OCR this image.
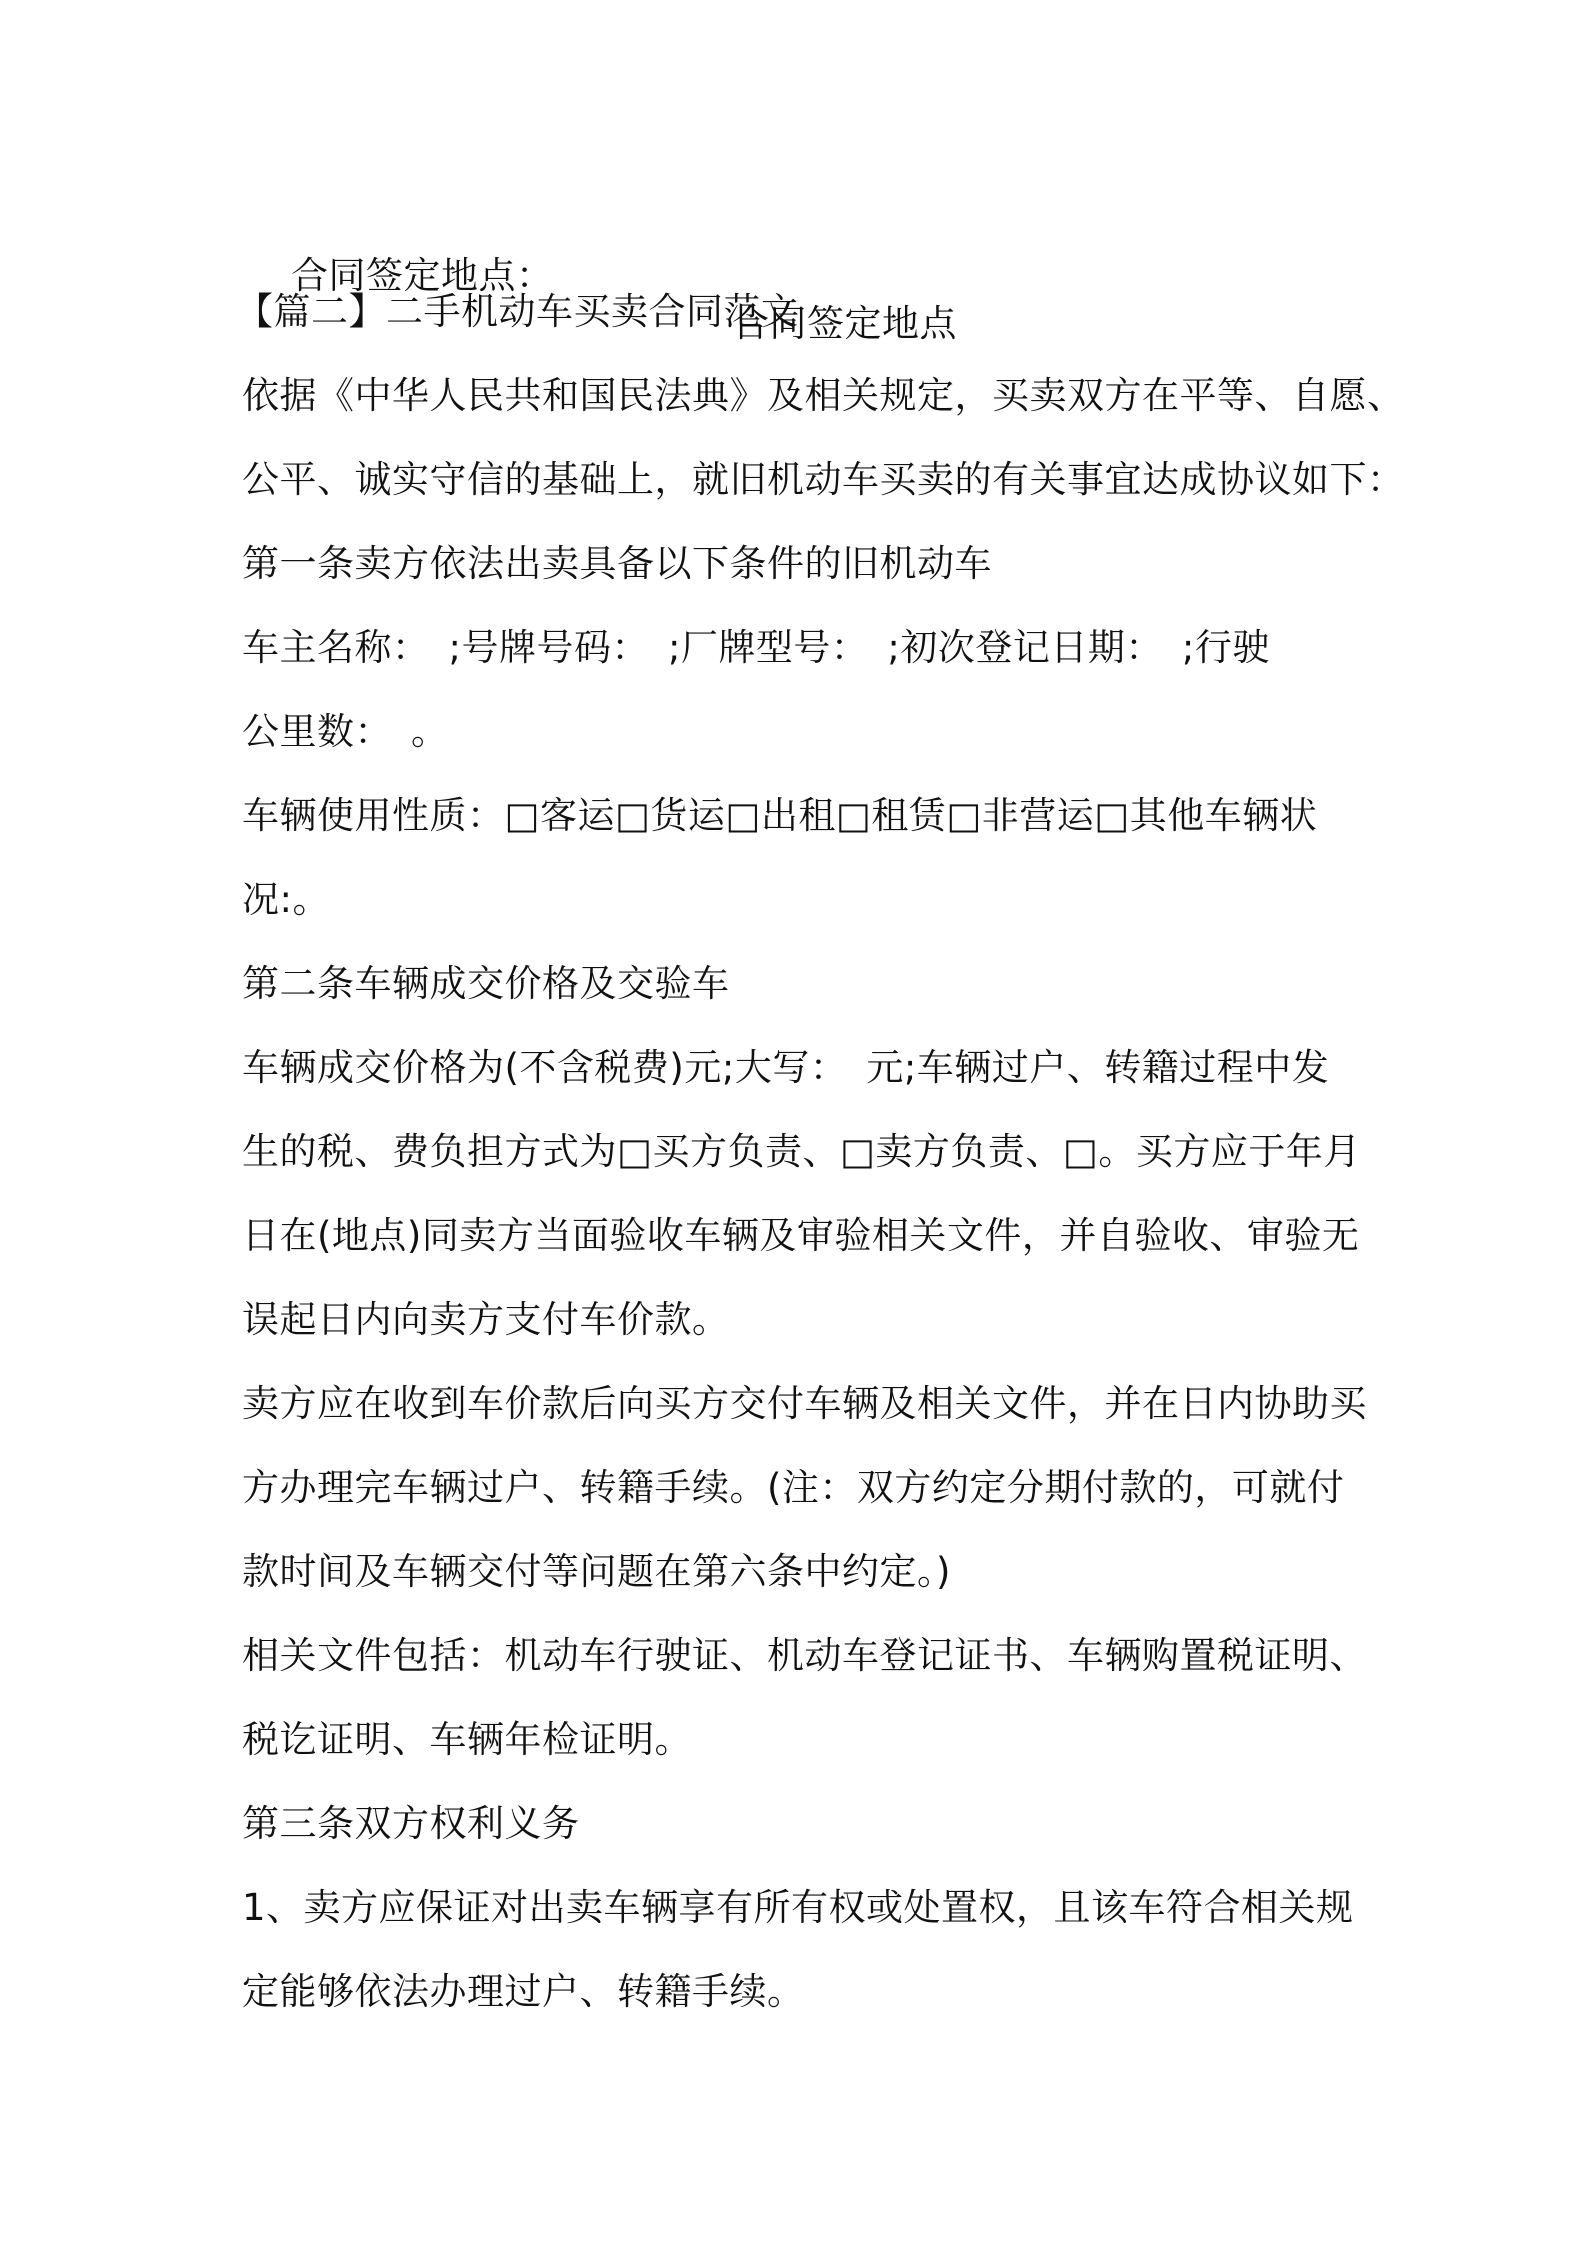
合同签定地点：

合同签定地点

【篇二】二手机动车买卖合同范文
依据《中华人民共和国民法典》及相关规定，买卖双方在平等、自愿、
公平、诚实守信的基础上，就旧机动车买卖的有关事宜达成协议如下：
第一条卖方依法出卖具备以下条件的旧机动车
车主名称：　;号牌号码：　;厂牌型号：　;初次登记日期：　;行驶
公里数：　。
车辆使用性质：□客运□货运□出租□租赁□非营运□其他车辆状
况:。
第二条车辆成交价格及交验车
车辆成交价格为(不含税费)元;大写：　元;车辆过户、转籍过程中发
生的税、费负担方式为□买方负责、□卖方负责、□。买方应于年月
日在(地点)同卖方当面验收车辆及审验相关文件，并自验收、审验无
误起日内向卖方支付车价款。
卖方应在收到车价款后向买方交付车辆及相关文件，并在日内协助买
方办理完车辆过户、转籍手续。(注：双方约定分期付款的，可就付
款时间及车辆交付等问题在第六条中约定。)
相关文件包括：机动车行驶证、机动车登记证书、车辆购置税证明、
税讫证明、车辆年检证明。
第三条双方权利义务
1、卖方应保证对出卖车辆享有所有权或处置权，且该车符合相关规
定能够依法办理过户、转籍手续。
